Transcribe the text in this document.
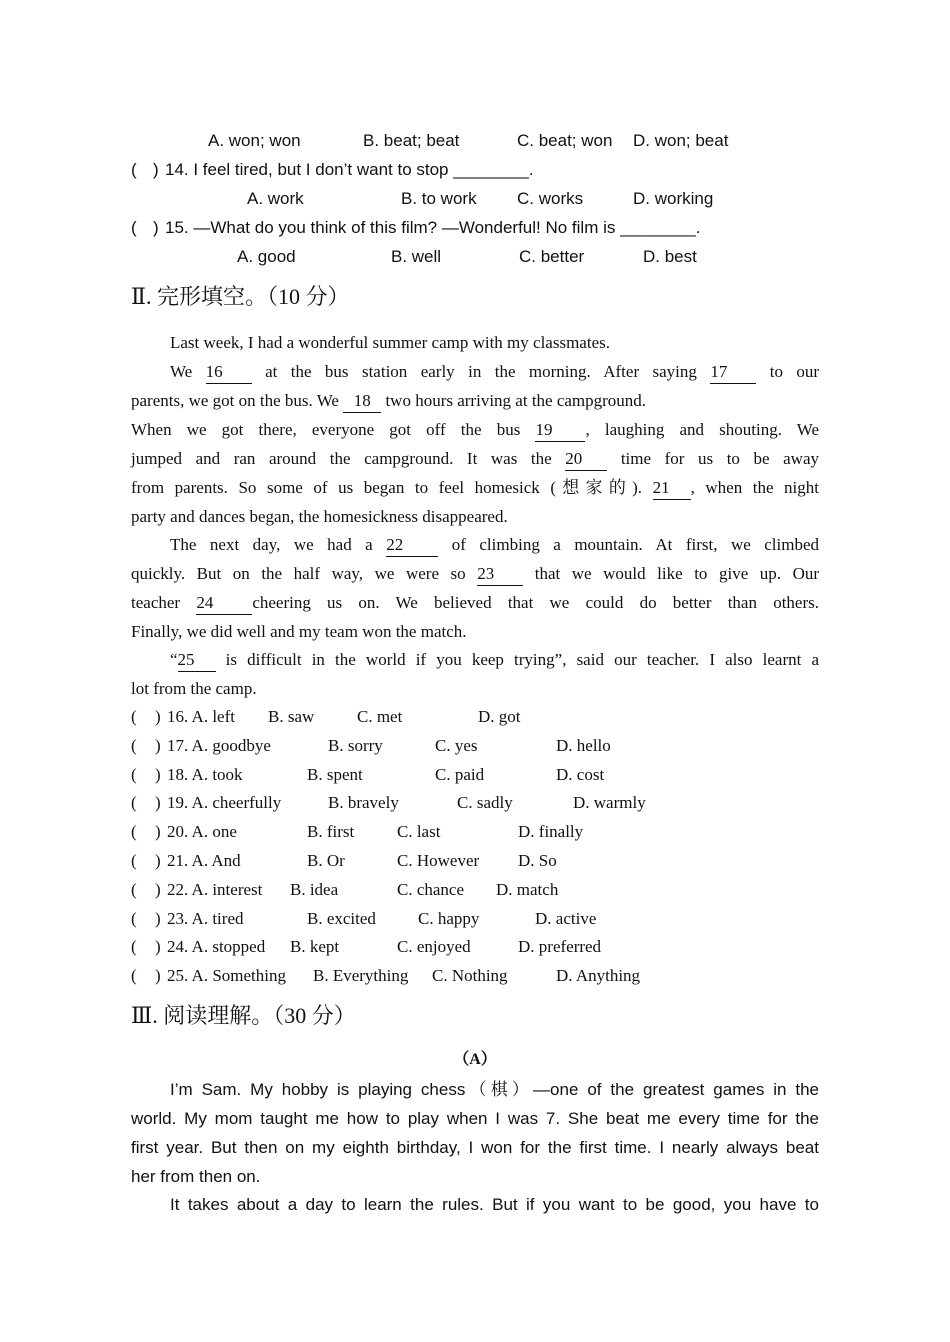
A. won; won	B. beat; beat	C. beat; won D. won; beat
( ) 14. I feel tired, but I don’t want to stop ________.
A. work	B. to work C. works	D. working
( ) 15. —What do you think of this film? —Wonderful! No film is ________.
A. good	B. well	C. better	D. best
Ⅱ. 完形填空。（10 分）
Last week, I had a wonderful summer camp with my classmates.
We 16 at the bus station early in the morning. After saying 17 to our
parents, we got on the bus. We 18 two hours arriving at the campground.
When we got there, everyone got off the bus 19 , laughing and shouting. We
jumped and ran around the campground. It was the 20 time for us to be away
from parents. So some of us began to feel homesick (想家的). 21 , when the night
party and dances began, the homesickness disappeared.
The next day, we had a 22	of climbing a mountain. At first, we climbed
quickly. But on the half way, we were so 23 that we would like to give up. Our
teacher 24 cheering us on. We believed that we could do better than others.
Finally, we did well and my team won the match.
“25 is difficult in the world if you keep trying”, said our teacher. I also learnt a
lot from the camp.
( ) 16. A. left B. saw	C. met	D. got
( ) 17. A. goodbye	B. sorry	C. yes	D. hello
( ) 18. A. took	B. spent	C. paid	D. cost
( ) 19. A. cheerfully	B. bravely	C. sadly	D. warmly
( ) 20. A. one	B. first	C. last	D. finally
( ) 21. A. And	B. Or	C. However D. So
( ) 22. A. interest B. idea	C. chance D. match
( ) 23. A. tired	B. excited C. happy	D. active
( ) 24. A. stopped B. kept	C. enjoyed	D. preferred
( ) 25. A. Something B. Everything C. Nothing	D. Anything
Ⅲ. 阅读理解。（30 分）
（A）
I’m Sam. My hobby is playing chess（棋）—one of the greatest games in the
world. My mom taught me how to play when I was 7. She beat me every time for the
first year. But then on my eighth birthday, I won for the first time. I nearly always beat
her from then on.
It takes about a day to learn the rules. But if you want to be good, you have to
